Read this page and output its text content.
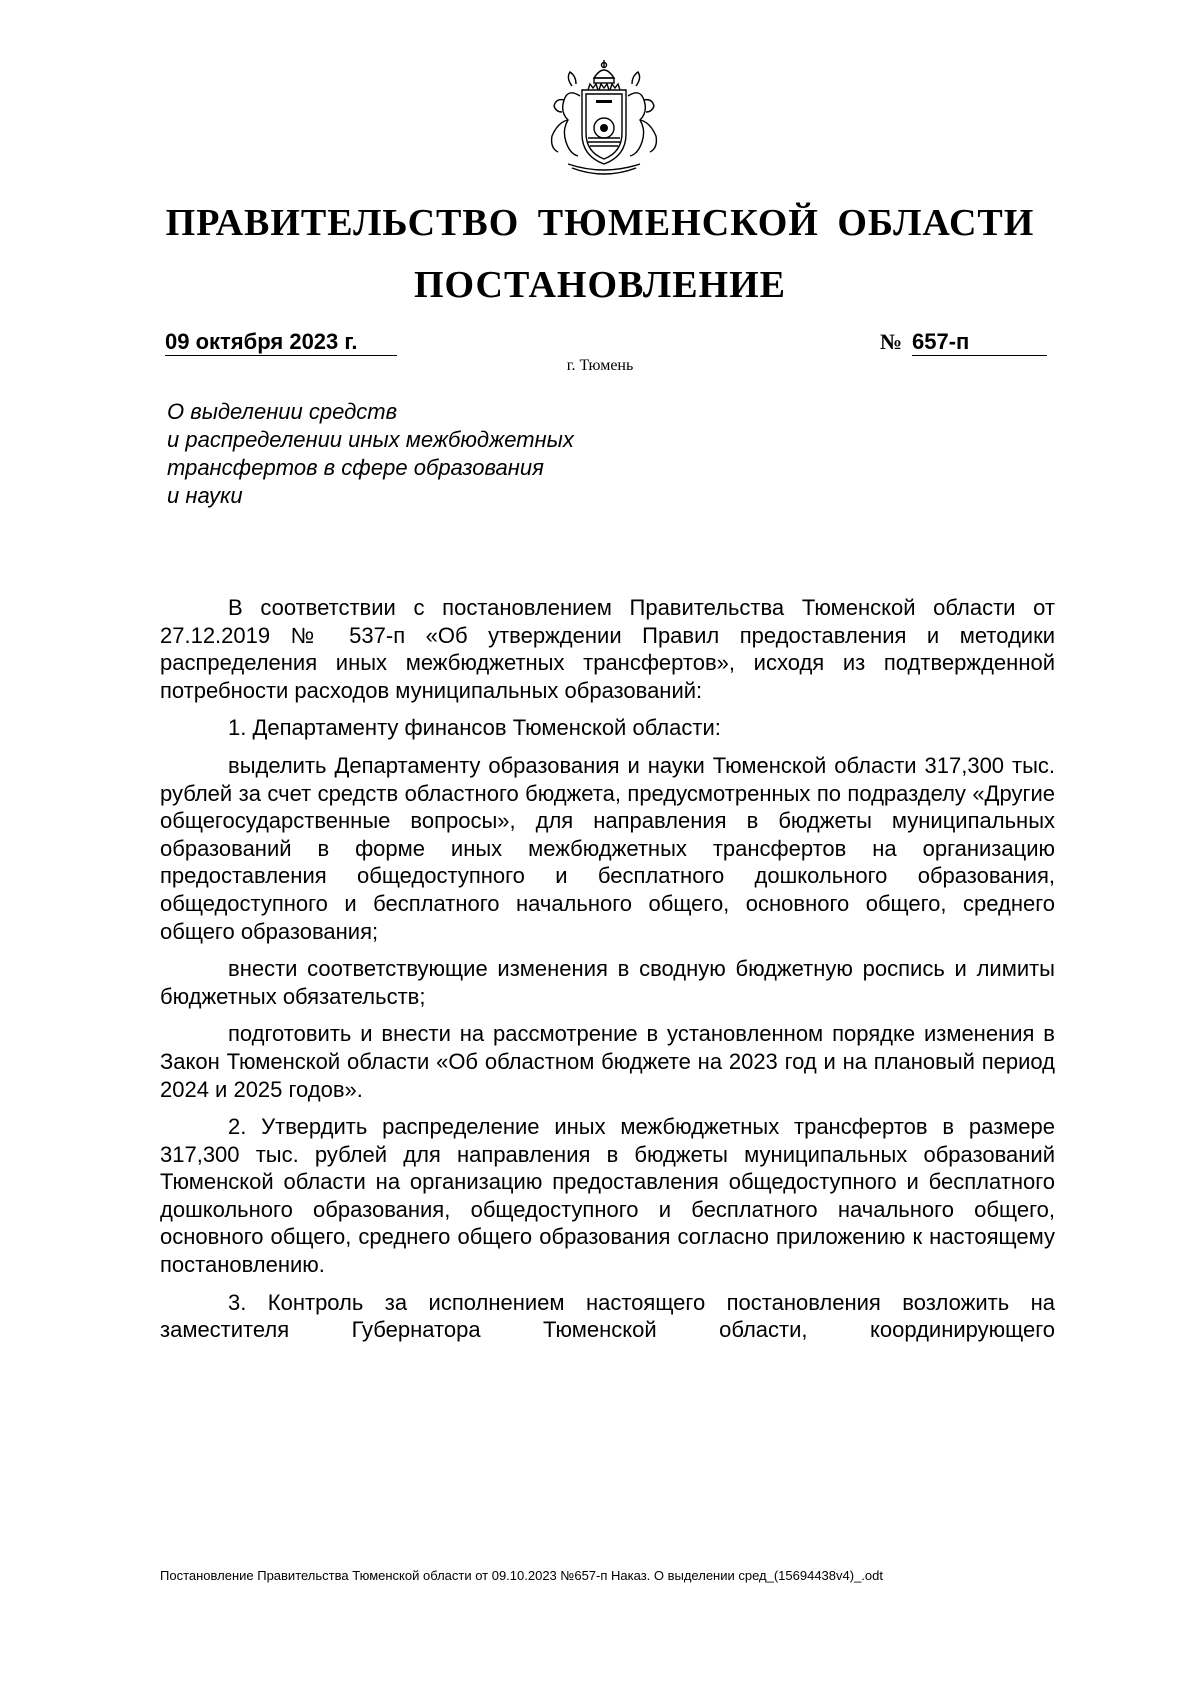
ПРАВИТЕЛЬСТВО ТЮМЕНСКОЙ ОБЛАСТИ
ПОСТАНОВЛЕНИЕ
09 октября 2023 г.	№ 657-п
г. Тюмень
О выделении средств
и распределении иных межбюджетных
трансфертов в сфере образования
и науки

В соответствии с постановлением Правительства Тюменской области от 27.12.2019 № 537-п «Об утверждении Правил предоставления и методики распределения иных межбюджетных трансфертов», исходя из подтвержденной потребности расходов муниципальных образований:

1. Департаменту финансов Тюменской области:

выделить Департаменту образования и науки Тюменской области 317,300 тыс. рублей за счет средств областного бюджета, предусмотренных по подразделу «Другие общегосударственные вопросы», для направления в бюджеты муниципальных образований в форме иных межбюджетных трансфертов на организацию предоставления общедоступного и бесплатного дошкольного образования, общедоступного и бесплатного начального общего, основного общего, среднего общего образования;

внести соответствующие изменения в сводную бюджетную роспись и лимиты бюджетных обязательств;

подготовить и внести на рассмотрение в установленном порядке изменения в Закон Тюменской области «Об областном бюджете на 2023 год и на плановый период 2024 и 2025 годов».

2. Утвердить распределение иных межбюджетных трансфертов в размере 317,300 тыс. рублей для направления в бюджеты муниципальных образований Тюменской области на организацию предоставления общедоступного и бесплатного дошкольного образования, общедоступного и бесплатного начального общего, основного общего, среднего общего образования согласно приложению к настоящему постановлению.

3. Контроль за исполнением настоящего постановления возложить на заместителя Губернатора Тюменской области, координирующего

Постановление Правительства Тюменской области от 09.10.2023 №657-п Наказ. О выделении сред_(15694438v4)_.odt
